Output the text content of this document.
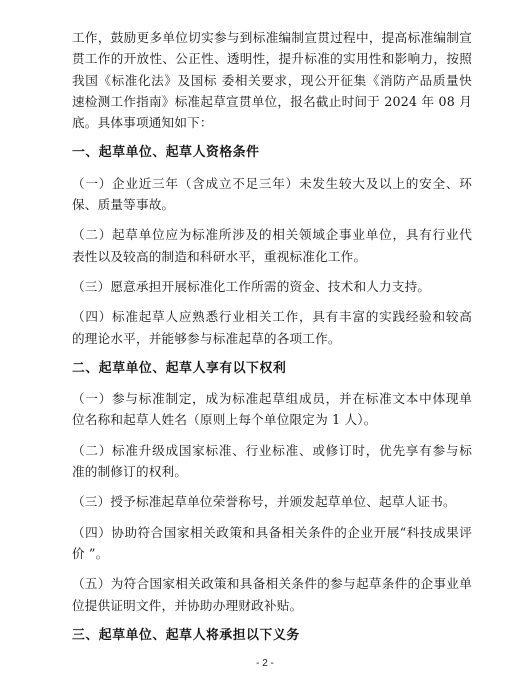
工作，鼓励更多单位切实参与到标准编制宣贯过程中，提高标准编制宣贯工作的开放性、公正性、透明性，提升标准的实用性和影响力，按照我国《标准化法》及国标 委相关要求，现公开征集《消防产品质量快速检测工作指南》标准起草宣贯单位，报名截止时间于 2024 年 08 月底。具体事项通知如下：

一、起草单位、起草人资格条件

（一）企业近三年（含成立不足三年）未发生较大及以上的安全、环 保、质量等事故。

（二）起草单位应为标准所涉及的相关领域企事业单位，具有行业代 表性以及较高的制造和科研水平，重视标准化工作。

（三）愿意承担开展标准化工作所需的资金、技术和人力支持。

（四）标准起草人应熟悉行业相关工作，具有丰富的实践经验和较高 的理论水平，并能够参与标准起草的各项工作。

二、起草单位、起草人享有以下权利

（一）参与标准制定，成为标准起草组成员，并在标准文本中体现单 位名称和起草人姓名（原则上每个单位限定为 1 人）。

（二）标准升级成国家标准、行业标准、或修订时，优先享有参与标 准的制修订的权利。

（三）授予标准起草单位荣誉称号，并颁发起草单位、起草人证书。

（四）协助符合国家相关政策和具备相关条件的企业开展“科技成果评价 ”。

（五）为符合国家相关政策和具备相关条件的参与起草条件的企事业单位提供证明文件，并协助办理财政补贴。

三、起草单位、起草人将承担以下义务
- 2 -
